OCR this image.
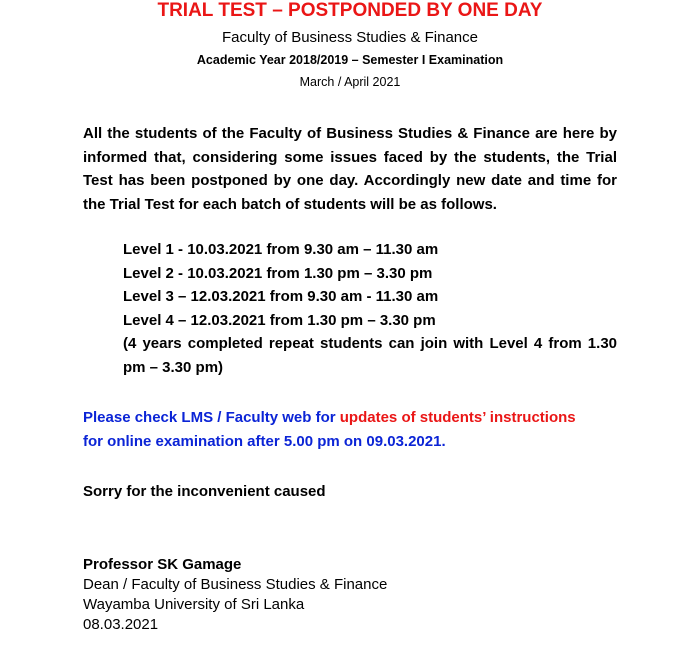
TRIAL TEST – POSTPONDED BY ONE DAY
Faculty of Business Studies & Finance
Academic Year 2018/2019 – Semester I Examination
March / April 2021
All the students of the Faculty of Business Studies & Finance are here by informed that, considering some issues faced by the students, the Trial Test has been postponed by one day. Accordingly new date and time for the Trial Test for each batch of students will be as follows.
Level 1 - 10.03.2021 from 9.30 am – 11.30 am
Level 2 - 10.03.2021 from 1.30 pm – 3.30 pm
Level 3 – 12.03.2021 from 9.30 am - 11.30 am
Level 4 – 12.03.2021 from 1.30 pm – 3.30 pm
(4 years completed repeat students can join with Level 4 from 1.30 pm – 3.30 pm)
Please check LMS / Faculty web for updates of students’ instructions
for online examination after 5.00 pm on 09.03.2021.
Sorry for the inconvenient caused
Professor SK Gamage
Dean / Faculty of Business Studies & Finance
Wayamba University of Sri Lanka
08.03.2021
